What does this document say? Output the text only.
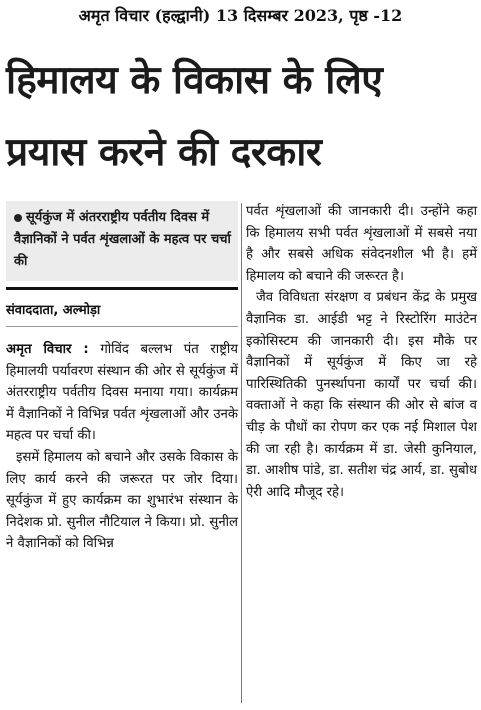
अमृत विचार (हल्द्वानी) 13 दिसम्बर 2023, पृष्ठ -12
हिमालय के विकास के लिए
प्रयास करने की दरकार
सूर्यकुंज में अंतरराष्ट्रीय पर्वतीय दिवस में वैज्ञानिकों ने पर्वत शृंखलाओं के महत्व पर चर्चा की
संवाददाता, अल्मोड़ा

अमृत विचार : गोविंद बल्लभ पंत राष्ट्रीय हिमालयी पर्यावरण संस्थान की ओर से सूर्यकुंज में अंतरराष्ट्रीय पर्वतीय दिवस मनाया गया। कार्यक्रम में वैज्ञानिकों ने विभिन्न पर्वत शृंखलाओं और उनके महत्व पर चर्चा की।

इसमें हिमालय को बचाने और उसके विकास के लिए कार्य करने की जरूरत पर जोर दिया। सूर्यकुंज में हुए कार्यक्रम का शुभारंभ संस्थान के निदेशक प्रो. सुनील नौटियाल ने किया। प्रो. सुनील ने वैज्ञानिकों को विभिन्न

पर्वत शृंखलाओं की जानकारी दी। उन्होंने कहा कि हिमालय सभी पर्वत शृंखलाओं में सबसे नया है और सबसे अधिक संवेदनशील भी है। हमें हिमालय को बचाने की जरूरत है।

जैव विविधता संरक्षण व प्रबंधन केंद्र के प्रमुख वैज्ञानिक डा. आईडी भट्ट ने रिस्टोरिंग माउंटेन इकोसिस्टम की जानकारी दी। इस मौके पर वैज्ञानिकों में सूर्यकुंज में किए जा रहे पारिस्थितिकी पुनर्स्थापना कार्यों पर चर्चा की। वक्ताओं ने कहा कि संस्थान की ओर से बांज व चीड़ के पौधों का रोपण कर एक नई मिशाल पेश की जा रही है। कार्यक्रम में डा. जेसी कुनियाल, डा. आशीष पांडे, डा. सतीश चंद्र आर्य, डा. सुबोध ऐरी आदि मौजूद रहे।
